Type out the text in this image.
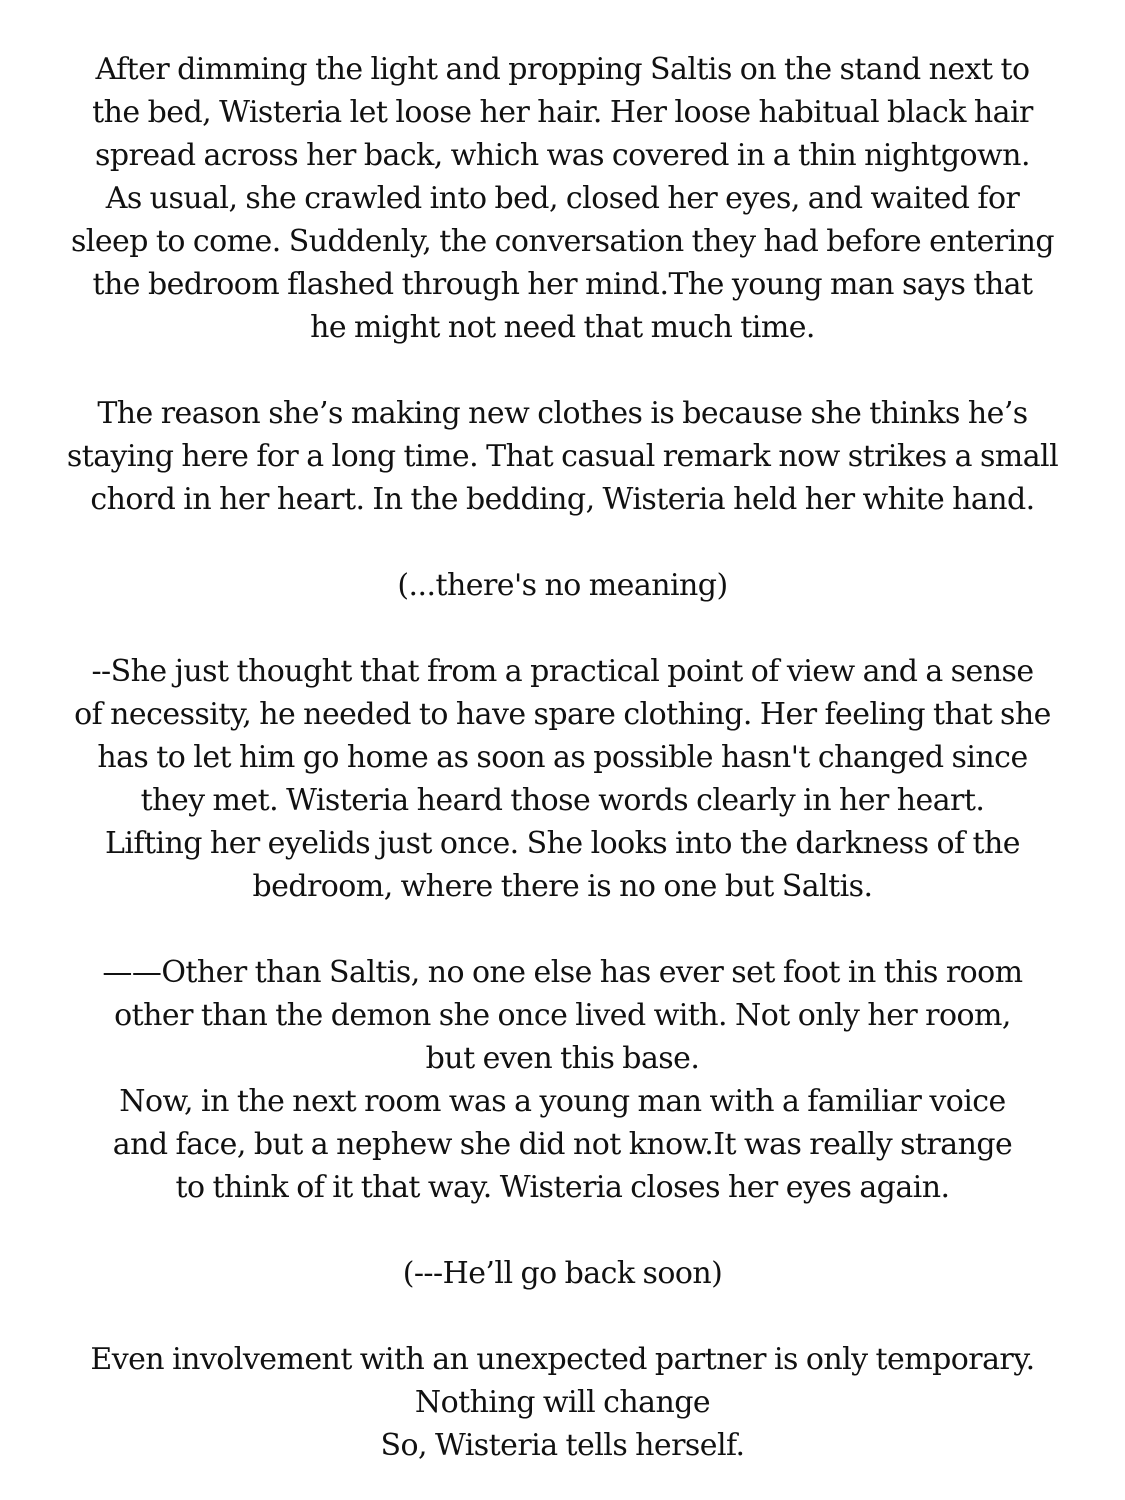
After dimming the light and propping Saltis on the stand next to
the bed, Wisteria let loose her hair. Her loose habitual black hair
spread across her back, which was covered in a thin nightgown.
As usual, she crawled into bed, closed her eyes, and waited for
sleep to come. Suddenly, the conversation they had before entering
the bedroom flashed through her mind.The young man says that
he might not need that much time.
The reason she’s making new clothes is because she thinks he’s
staying here for a long time. That casual remark now strikes a small
chord in her heart. In the bedding, Wisteria held her white hand.
(...there's no meaning)
--She just thought that from a practical point of view and a sense
of necessity, he needed to have spare clothing. Her feeling that she
has to let him go home as soon as possible hasn't changed since
they met. Wisteria heard those words clearly in her heart.
Lifting her eyelids just once. She looks into the darkness of the
bedroom, where there is no one but Saltis.
——Other than Saltis, no one else has ever set foot in this room
other than the demon she once lived with. Not only her room,
but even this base.
Now, in the next room was a young man with a familiar voice
and face, but a nephew she did not know.It was really strange
to think of it that way. Wisteria closes her eyes again.
(---He’ll go back soon)
Even involvement with an unexpected partner is only temporary.
Nothing will change
So, Wisteria tells herself.
